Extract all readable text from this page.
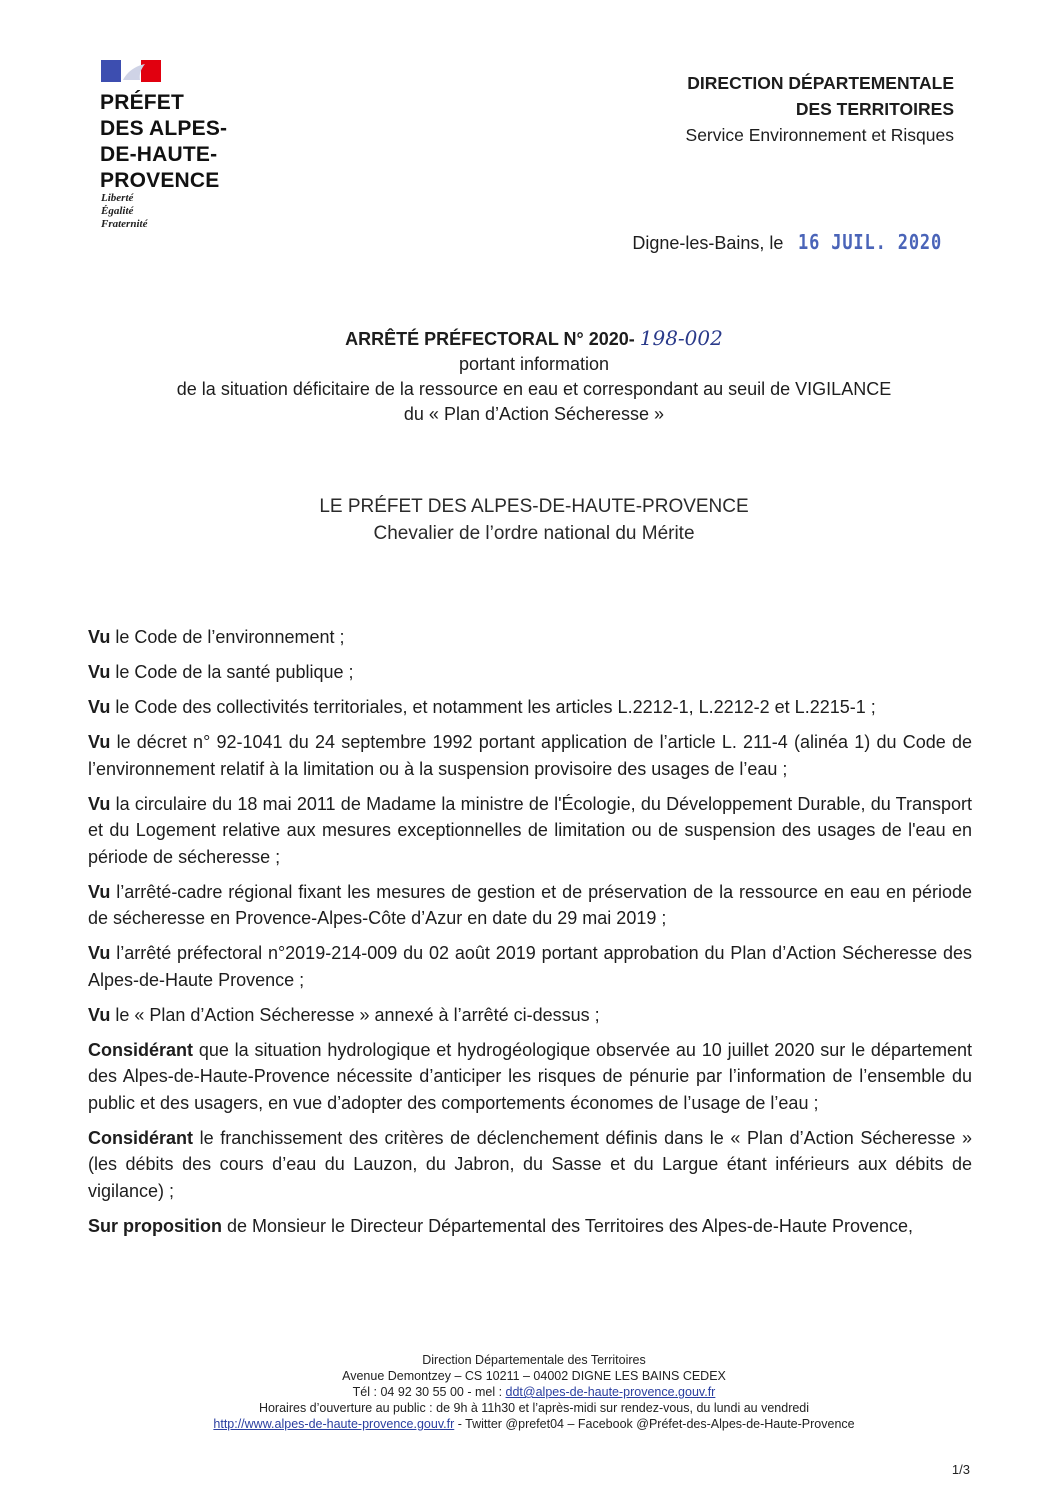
PRÉFET
DES ALPES-
DE-HAUTE-
PROVENCE
Liberté
Égalité
Fraternité
DIRECTION DÉPARTEMENTALE
DES TERRITOIRES
Service Environnement et Risques
Digne-les-Bains, le 16 JUIL. 2020
ARRÊTÉ PRÉFECTORAL N° 2020- 198-002
portant information
de la situation déficitaire de la ressource en eau et correspondant au seuil de VIGILANCE
du « Plan d’Action Sécheresse »
LE PRÉFET DES ALPES-DE-HAUTE-PROVENCE
Chevalier de l’ordre national du Mérite

Vu le Code de l’environnement ;

Vu le Code de la santé publique ;

Vu le Code des collectivités territoriales, et notamment les articles L.2212-1, L.2212-2 et L.2215-1 ;

Vu le décret n° 92-1041 du 24 septembre 1992 portant application de l’article L. 211-4 (alinéa 1) du Code de l’environnement relatif à la limitation ou à la suspension provisoire des usages de l’eau ;

Vu la circulaire du 18 mai 2011 de Madame la ministre de l'Écologie, du Développement Durable, du Transport et du Logement relative aux mesures exceptionnelles de limitation ou de suspension des usages de l'eau en période de sécheresse ;

Vu l’arrêté-cadre régional fixant les mesures de gestion et de préservation de la ressource en eau en période de sécheresse en Provence-Alpes-Côte d’Azur en date du 29 mai 2019 ;

Vu l’arrêté préfectoral n°2019-214-009 du 02 août 2019 portant approbation du Plan d’Action Sécheresse des Alpes-de-Haute Provence ;

Vu le « Plan d’Action Sécheresse » annexé à l’arrêté ci-dessus ;

Considérant que la situation hydrologique et hydrogéologique observée au 10 juillet 2020 sur le département des Alpes-de-Haute-Provence nécessite d’anticiper les risques de pénurie par l’information de l’ensemble du public et des usagers, en vue d’adopter des comportements économes de l’usage de l’eau ;

Considérant le franchissement des critères de déclenchement définis dans le « Plan d’Action Sécheresse » (les débits des cours d’eau du Lauzon, du Jabron, du Sasse et du Largue étant inférieurs aux débits de vigilance) ;

Sur proposition de Monsieur le Directeur Départemental des Territoires des Alpes-de-Haute Provence,

Direction Départementale des Territoires
Avenue Demontzey – CS 10211 – 04002 DIGNE LES BAINS CEDEX
Tél : 04 92 30 55 00 - mel : ddt@alpes-de-haute-provence.gouv.fr
Horaires d’ouverture au public : de 9h à 11h30 et l’après-midi sur rendez-vous, du lundi au vendredi
http://www.alpes-de-haute-provence.gouv.fr - Twitter @prefet04 – Facebook @Préfet-des-Alpes-de-Haute-Provence
1/3
